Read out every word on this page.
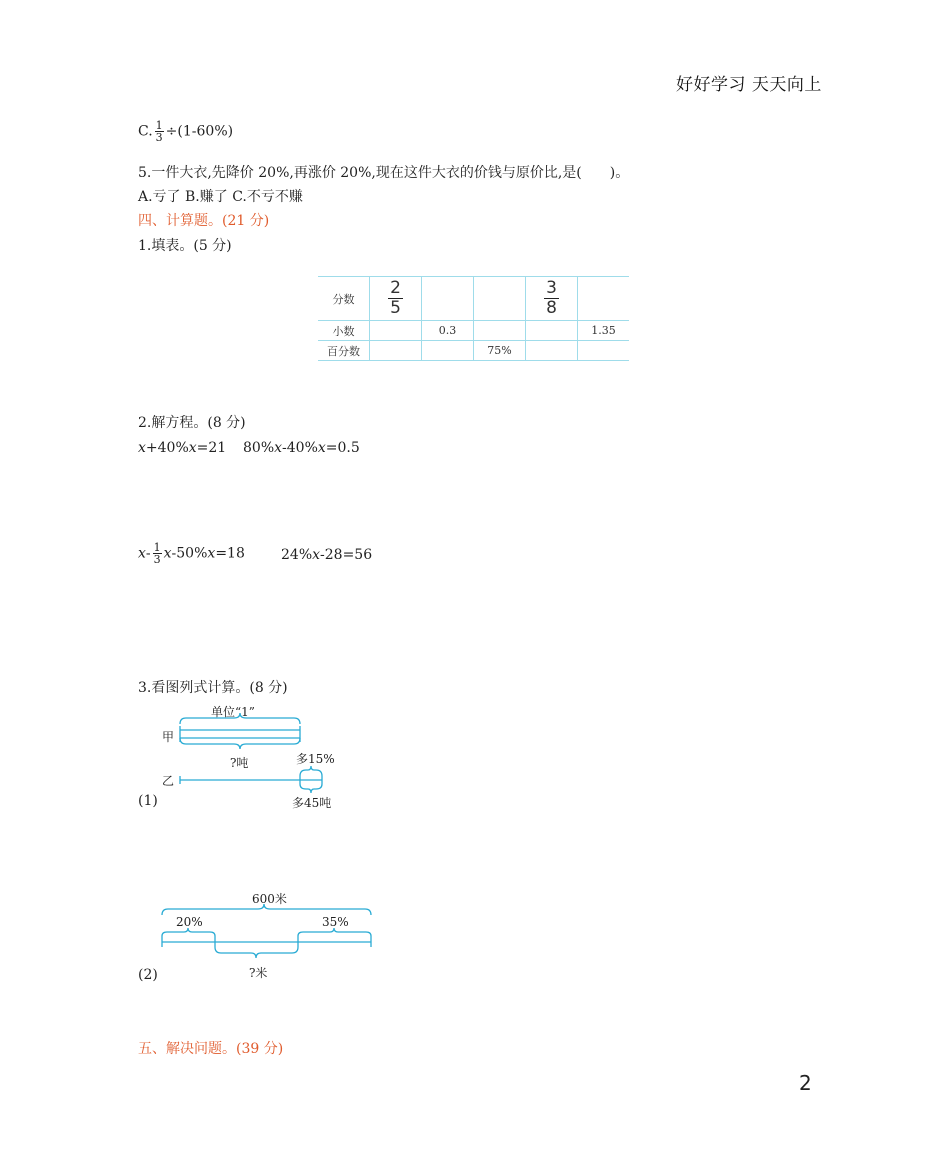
好好学习 天天向上
C. $\frac{1}{3} \div(1-60\%)$
5.一件大衣,先降价 20%,再涨价 20%,现在这件大衣的价钱与原价比,是(　　)。
A.亏了 B.赚了 C.不亏不赚
四、计算题。(21 分)
1.填表。(5 分)
分数	$\frac{2}{5}$			$\frac{3}{8}$

小数		0.3			1.35
百分数			75%		
2.解方程。(8 分)
x+40%x=21 80%x-40%x=0.5
$x- \frac{1}{3} x-50\%x=18$	24%x-28=56
3.看图列式计算。(8 分)
单位“1”
甲
?吨	多15%
乙
多45吨
(1)
600米
20%	35%
?米
(2)
五、解决问题。(39 分)
2
